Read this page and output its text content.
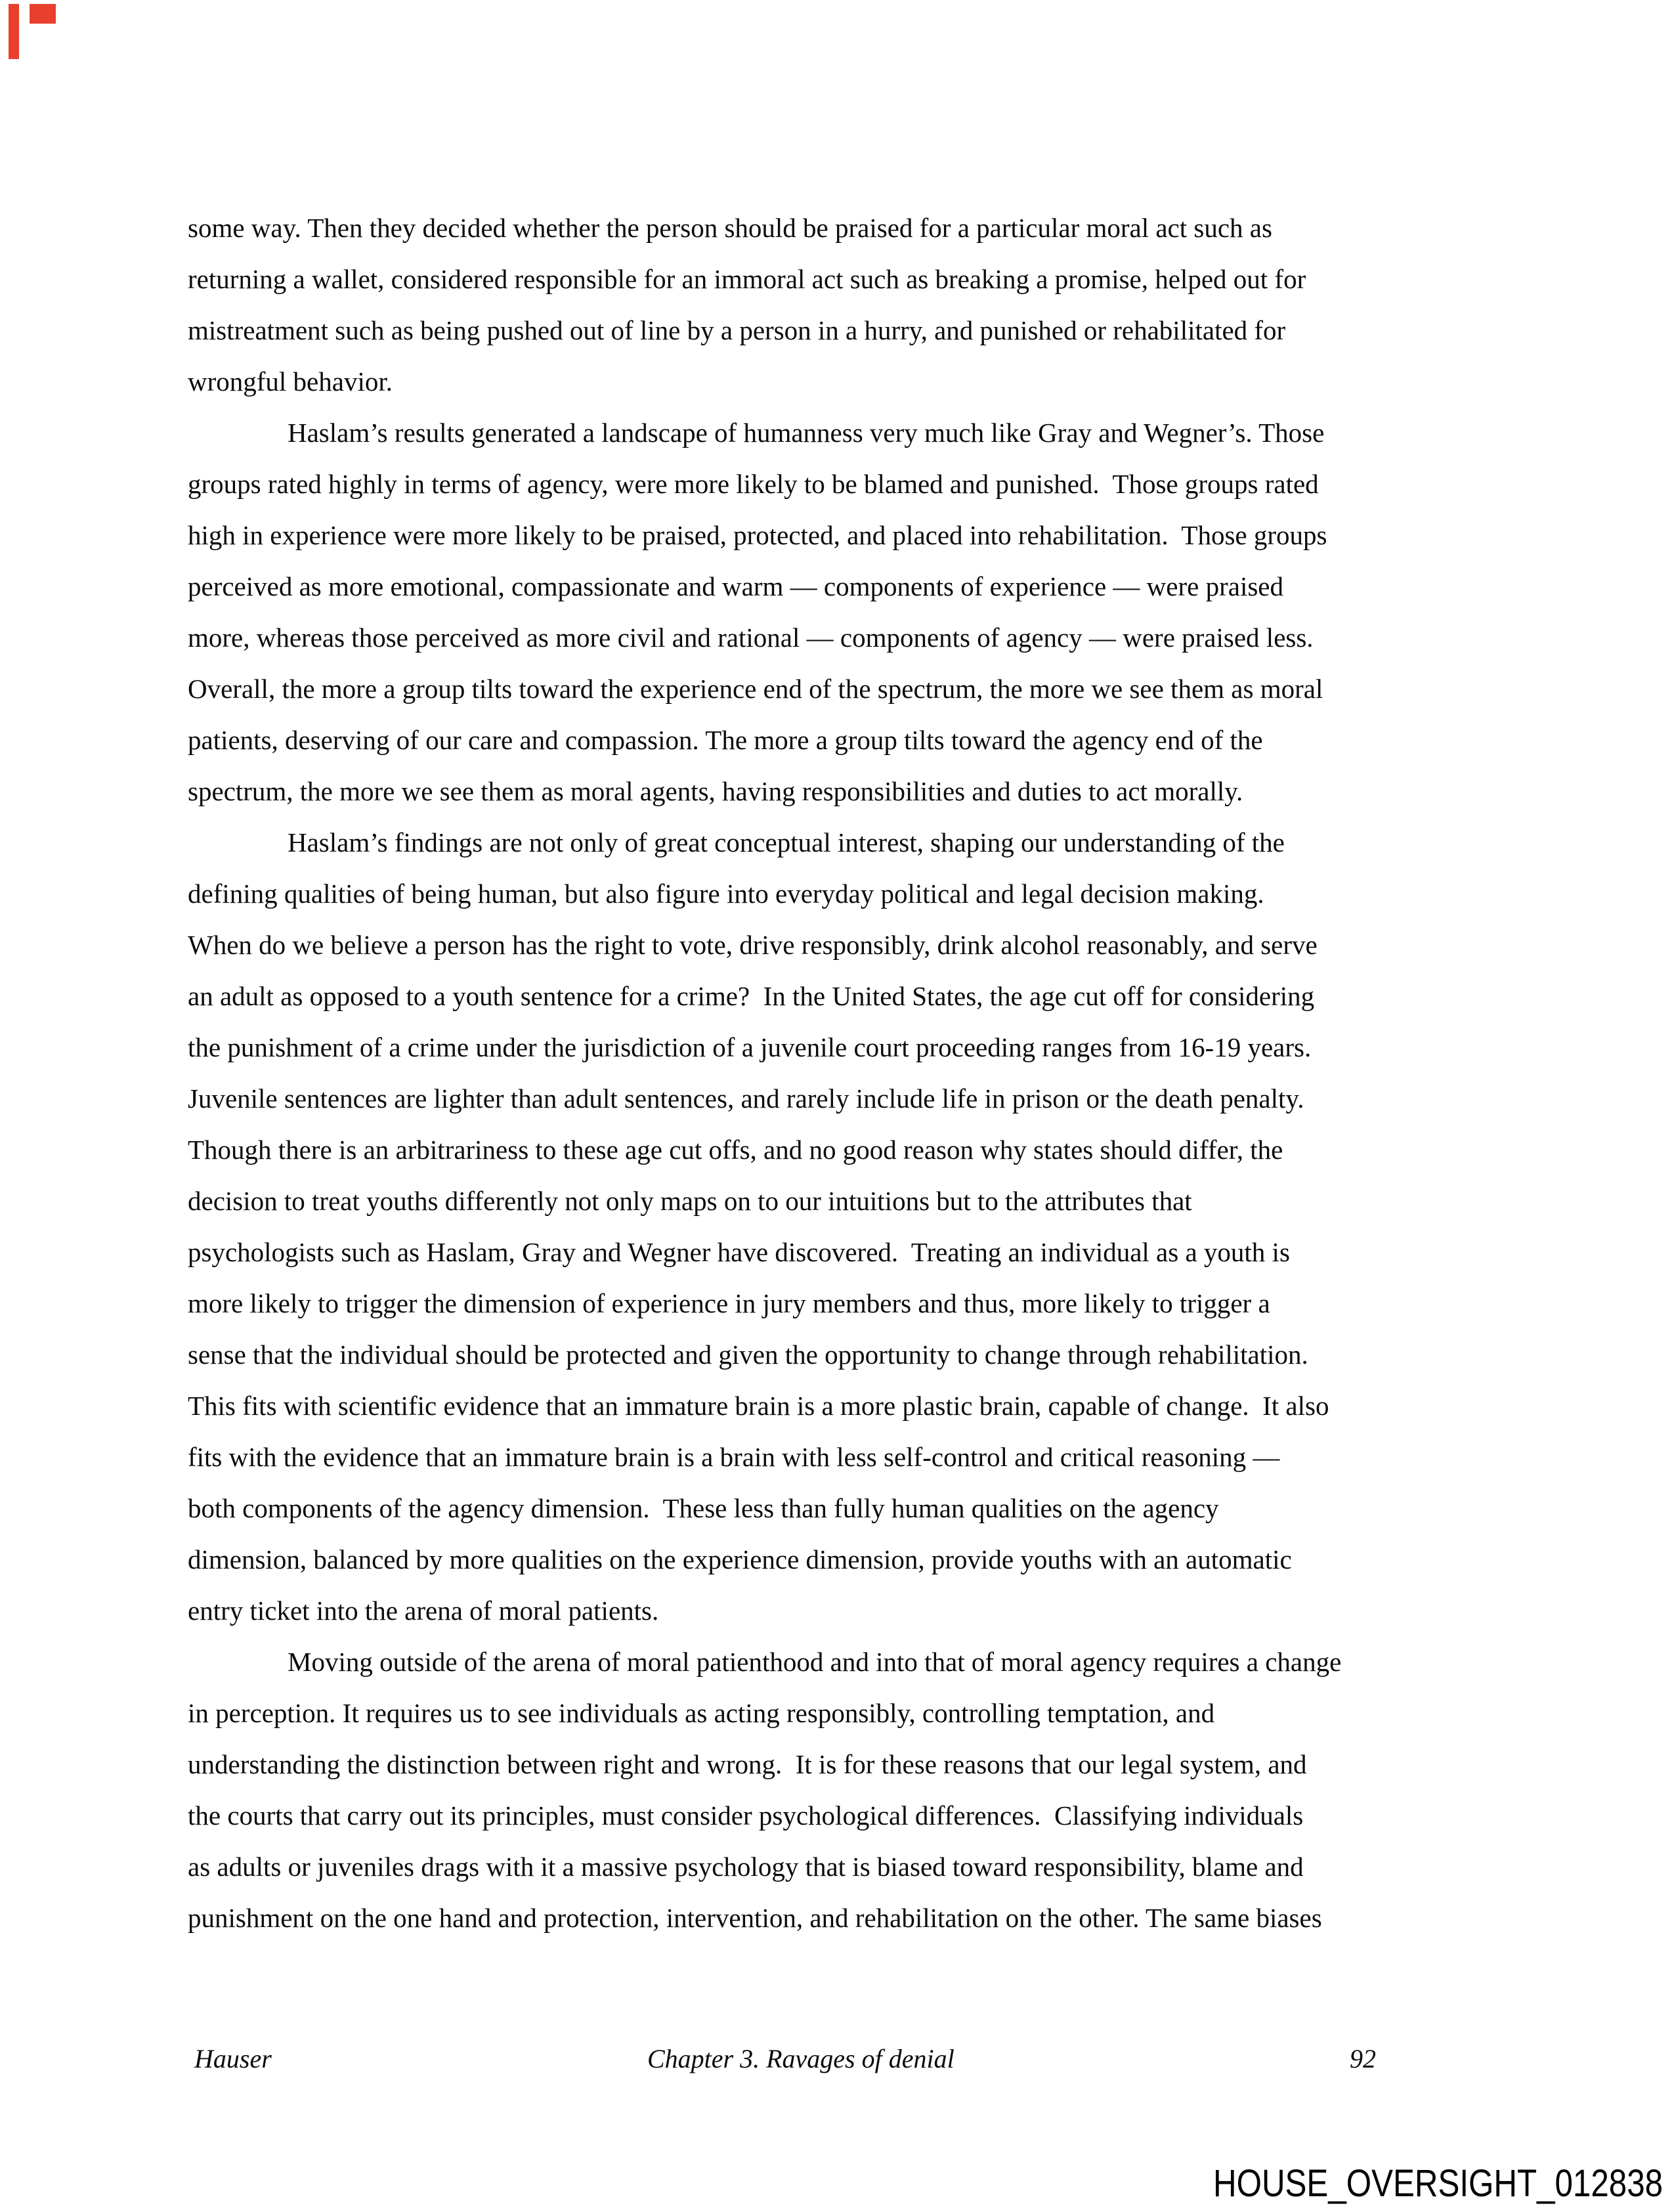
some way. Then they decided whether the person should be praised for a particular moral act such as
returning a wallet, considered responsible for an immoral act such as breaking a promise, helped out for
mistreatment such as being pushed out of line by a person in a hurry, and punished or rehabilitated for
wrongful behavior.
Haslam’s results generated a landscape of humanness very much like Gray and Wegner’s. Those
groups rated highly in terms of agency, were more likely to be blamed and punished.  Those groups rated
high in experience were more likely to be praised, protected, and placed into rehabilitation.  Those groups
perceived as more emotional, compassionate and warm — components of experience — were praised
more, whereas those perceived as more civil and rational — components of agency — were praised less.
Overall, the more a group tilts toward the experience end of the spectrum, the more we see them as moral
patients, deserving of our care and compassion. The more a group tilts toward the agency end of the
spectrum, the more we see them as moral agents, having responsibilities and duties to act morally.
Haslam’s findings are not only of great conceptual interest, shaping our understanding of the
defining qualities of being human, but also figure into everyday political and legal decision making.
When do we believe a person has the right to vote, drive responsibly, drink alcohol reasonably, and serve
an adult as opposed to a youth sentence for a crime?  In the United States, the age cut off for considering
the punishment of a crime under the jurisdiction of a juvenile court proceeding ranges from 16-19 years.
Juvenile sentences are lighter than adult sentences, and rarely include life in prison or the death penalty.
Though there is an arbitrariness to these age cut offs, and no good reason why states should differ, the
decision to treat youths differently not only maps on to our intuitions but to the attributes that
psychologists such as Haslam, Gray and Wegner have discovered.  Treating an individual as a youth is
more likely to trigger the dimension of experience in jury members and thus, more likely to trigger a
sense that the individual should be protected and given the opportunity to change through rehabilitation.
This fits with scientific evidence that an immature brain is a more plastic brain, capable of change.  It also
fits with the evidence that an immature brain is a brain with less self-control and critical reasoning —
both components of the agency dimension.  These less than fully human qualities on the agency
dimension, balanced by more qualities on the experience dimension, provide youths with an automatic
entry ticket into the arena of moral patients.
Moving outside of the arena of moral patienthood and into that of moral agency requires a change
in perception. It requires us to see individuals as acting responsibly, controlling temptation, and
understanding the distinction between right and wrong.  It is for these reasons that our legal system, and
the courts that carry out its principles, must consider psychological differences.  Classifying individuals
as adults or juveniles drags with it a massive psychology that is biased toward responsibility, blame and
punishment on the one hand and protection, intervention, and rehabilitation on the other. The same biases
Hauser	Chapter 3. Ravages of denial	92
HOUSE_OVERSIGHT_012838
